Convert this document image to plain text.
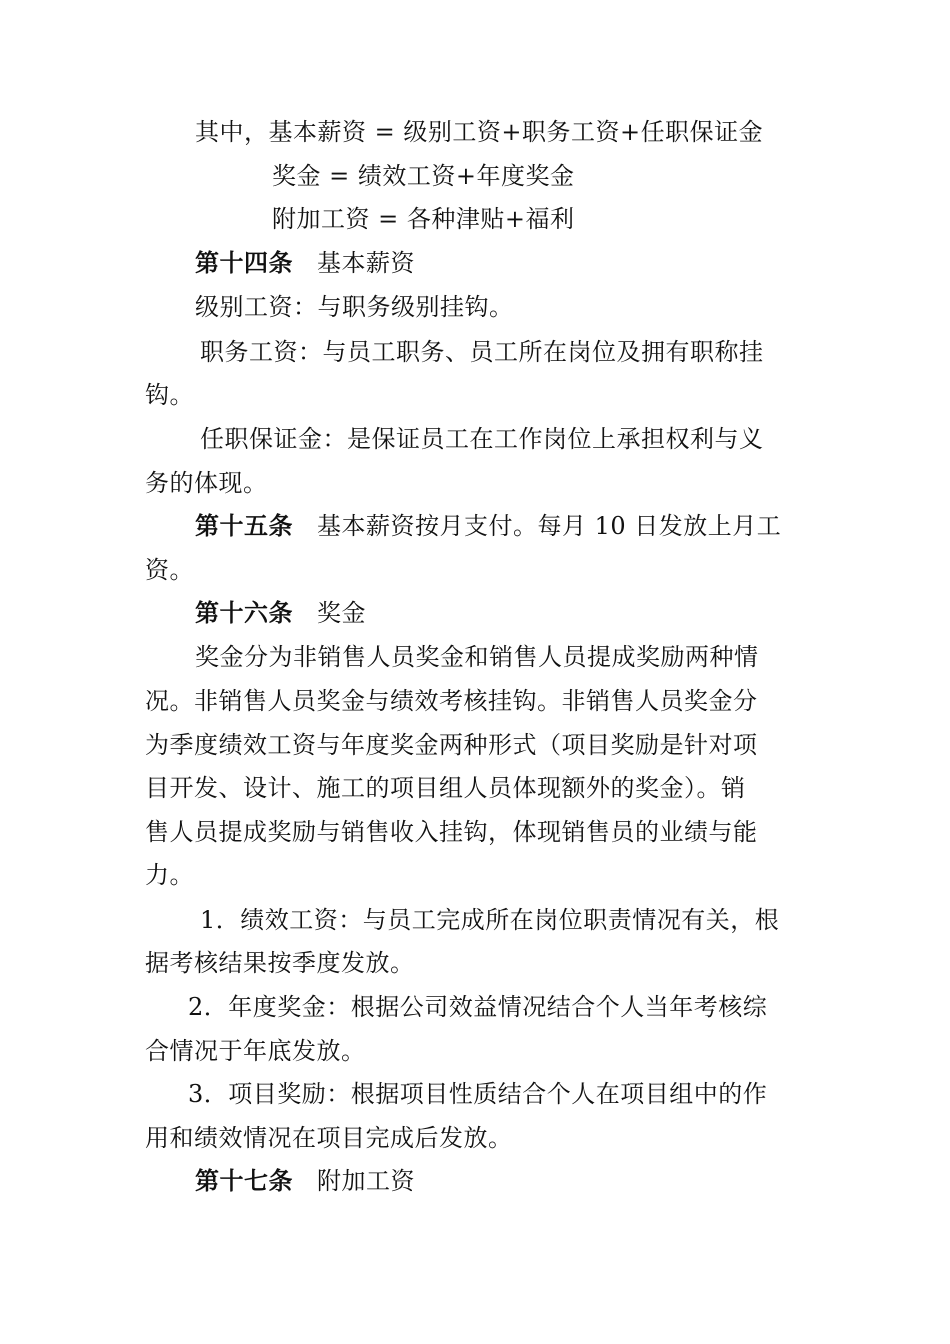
其中，基本薪资 = 级别工资+职务工资+任职保证金
奖金 = 绩效工资+年度奖金
附加工资 = 各种津贴+福利
第十四条 基本薪资
级别工资：与职务级别挂钩。
职务工资：与员工职务、员工所在岗位及拥有职称挂
钩。
任职保证金：是保证员工在工作岗位上承担权利与义
务的体现。
第十五条 基本薪资按月支付。每月 10 日发放上月工
资。
第十六条 奖金
奖金分为非销售人员奖金和销售人员提成奖励两种情
况。非销售人员奖金与绩效考核挂钩。非销售人员奖金分
为季度绩效工资与年度奖金两种形式（项目奖励是针对项
目开发、设计、施工的项目组人员体现额外的奖金）。销
售人员提成奖励与销售收入挂钩，体现销售员的业绩与能
力。
1．绩效工资：与员工完成所在岗位职责情况有关，根
据考核结果按季度发放。
2．年度奖金：根据公司效益情况结合个人当年考核综
合情况于年底发放。
3．项目奖励：根据项目性质结合个人在项目组中的作
用和绩效情况在项目完成后发放。
第十七条 附加工资
